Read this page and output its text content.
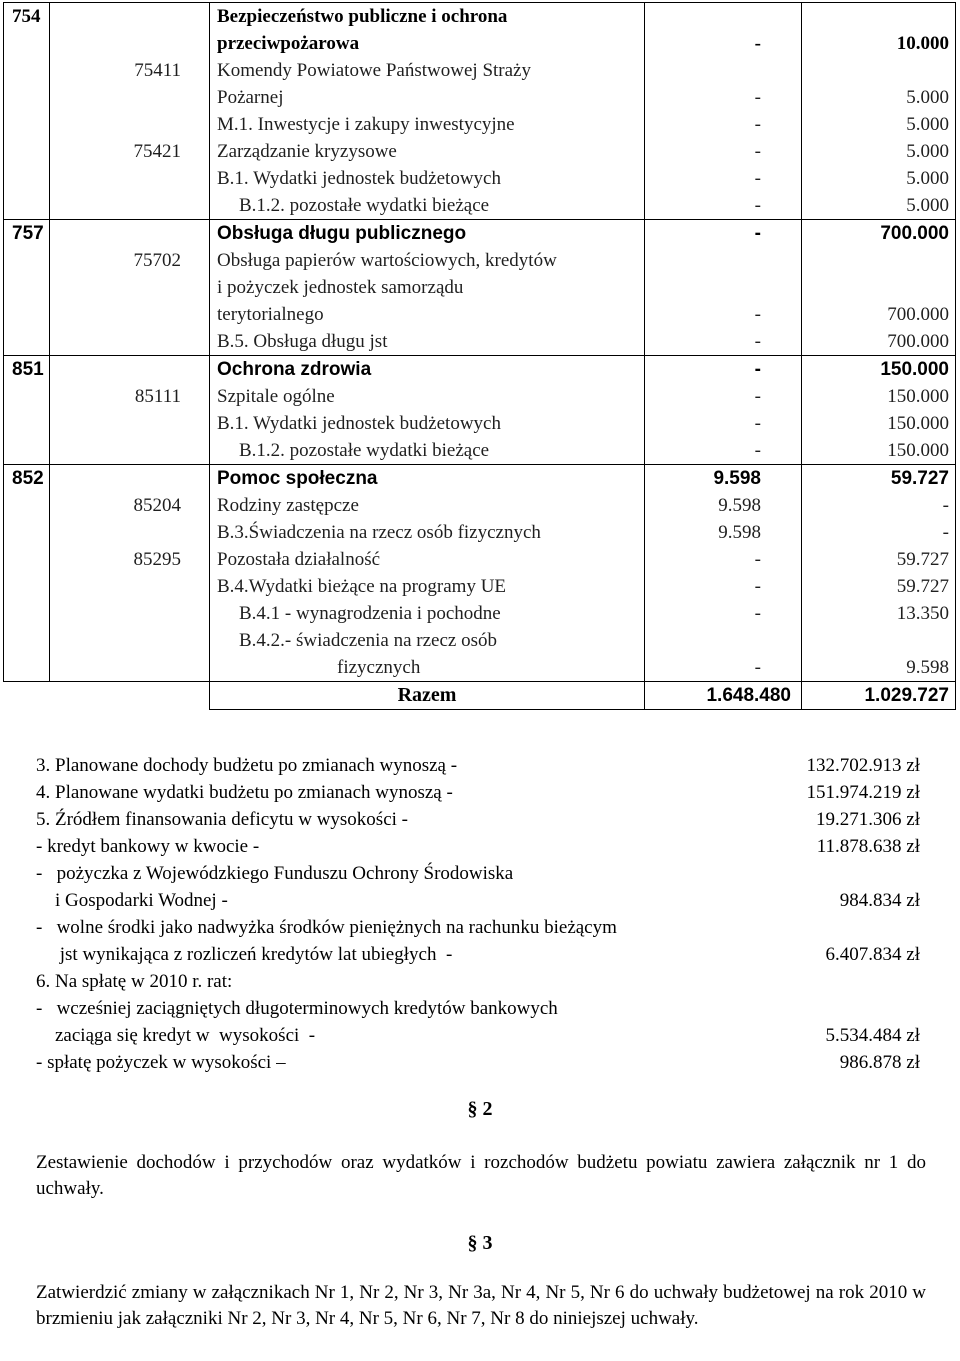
754		Bezpieczeństwo publiczne i ochrona
przeciwpożarowa	-	10.000
	75411	Komendy Powiatowe Państwowej Straży
Pożarnej	-	5.000

		M.1. Inwestycje i zakupy inwestycyjne	-	5.000
	75421	Zarządzanie kryzysowe	-	5.000

		B.1. Wydatki jednostek budżetowych	-	5.000

		B.1.2. pozostałe wydatki bieżące	-	5.000
757		Obsługa długu publicznego	-	700.000
	75702	Obsługa papierów wartościowych, kredytów
i pożyczek jednostek samorządu
terytorialnego	-	700.000

		B.5. Obsługa długu jst	-	700.000
851		Ochrona zdrowia	-	150.000
	85111	Szpitale ogólne	-	150.000

		B.1. Wydatki jednostek budżetowych	-	150.000

		B.1.2. pozostałe wydatki bieżące	-	150.000
852		Pomoc społeczna	9.598	59.727
	85204	Rodziny zastępcze	9.598	-

		B.3.Świadczenia na rzecz osób fizycznych	9.598	-
	85295	Pozostała działalność	-	59.727

		B.4.Wydatki bieżące na programy UE	-	59.727

		B.4.1 - wynagrodzenia i pochodne	-	13.350

		B.4.2.- świadczenia na rzecz osób
fizycznych	-	9.598
		Razem	1.648.480	1.029.727
3. Planowane dochody budżetu po zmianach wynoszą -	132.702.913 zł
4. Planowane wydatki budżetu po zmianach wynoszą -	151.974.219 zł
5. Źródłem finansowania deficytu w wysokości -	19.271.306 zł
- kredyt bankowy w kwocie -	11.878.638 zł
-   pożyczka z Wojewódzkiego Funduszu Ochrony Środowiska
i Gospodarki Wodnej -	984.834 zł
-   wolne środki jako nadwyżka środków pieniężnych na rachunku bieżącym
jst wynikająca z rozliczeń kredytów lat ubiegłych  -	6.407.834 zł
6. Na spłatę w 2010 r. rat:
-   wcześniej zaciągniętych długoterminowych kredytów bankowych
zaciąga się kredyt w  wysokości  -	5.534.484 zł
- spłatę pożyczek w wysokości –	986.878 zł
§ 2
Zestawienie dochodów i przychodów oraz wydatków i rozchodów budżetu powiatu zawiera załącznik nr 1 do uchwały.
§ 3
Zatwierdzić zmiany w załącznikach Nr 1, Nr 2, Nr 3, Nr 3a, Nr 4, Nr 5, Nr 6 do uchwały budżetowej na rok 2010 w brzmieniu jak załączniki Nr 2, Nr 3, Nr 4, Nr 5, Nr 6, Nr 7, Nr 8 do niniejszej uchwały.
